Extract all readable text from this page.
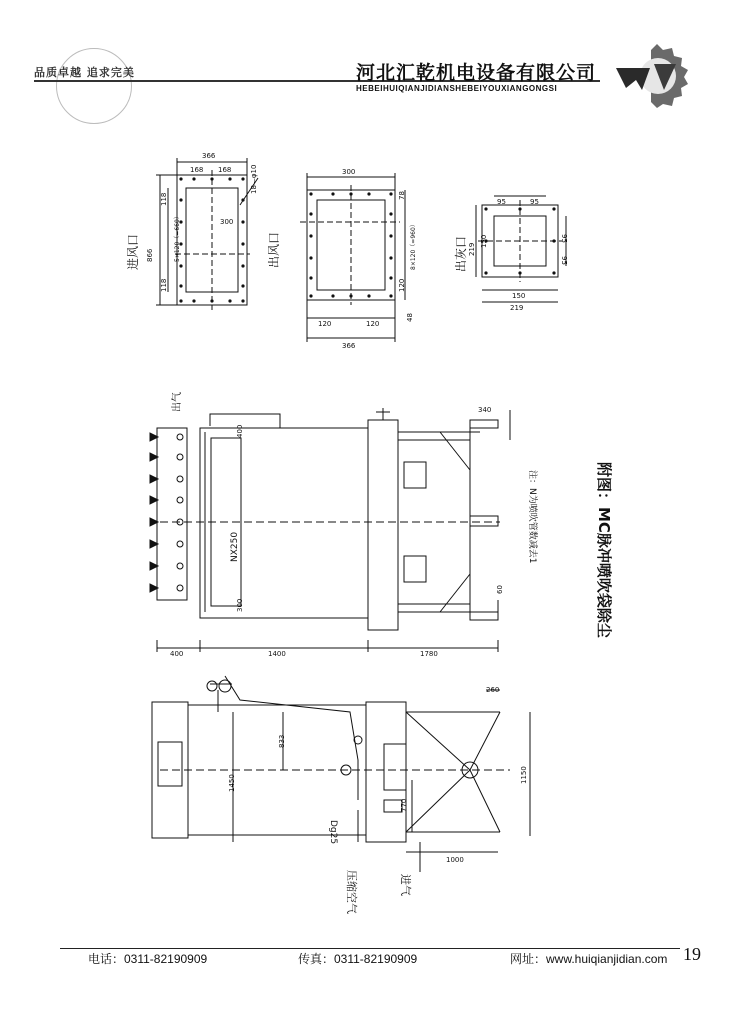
品质卓越 追求完美	河北汇乾机电设备有限公司
HEBEIHUIQIANJIDIANSHEBEIYOUXIANGONGSI
进风口	出风口	出灰口
出气
注：N为喷吹管数减去1	附图：MC脉冲喷吹袋除尘
NX250
Dg25
压缩空气	进气
366
168 168	18—φ10
866
118
118
5×120（=660）	300
300
78
8×120（=960）
120	120
120
48
366
95	95
95
95
219
219
150
150
400
300
400	1400	1780
340
60
260
1450
833
1150
770
1000
电话：0311-82190909	传真：0311-82190909	网址：www.huiqianjidian.com 19
